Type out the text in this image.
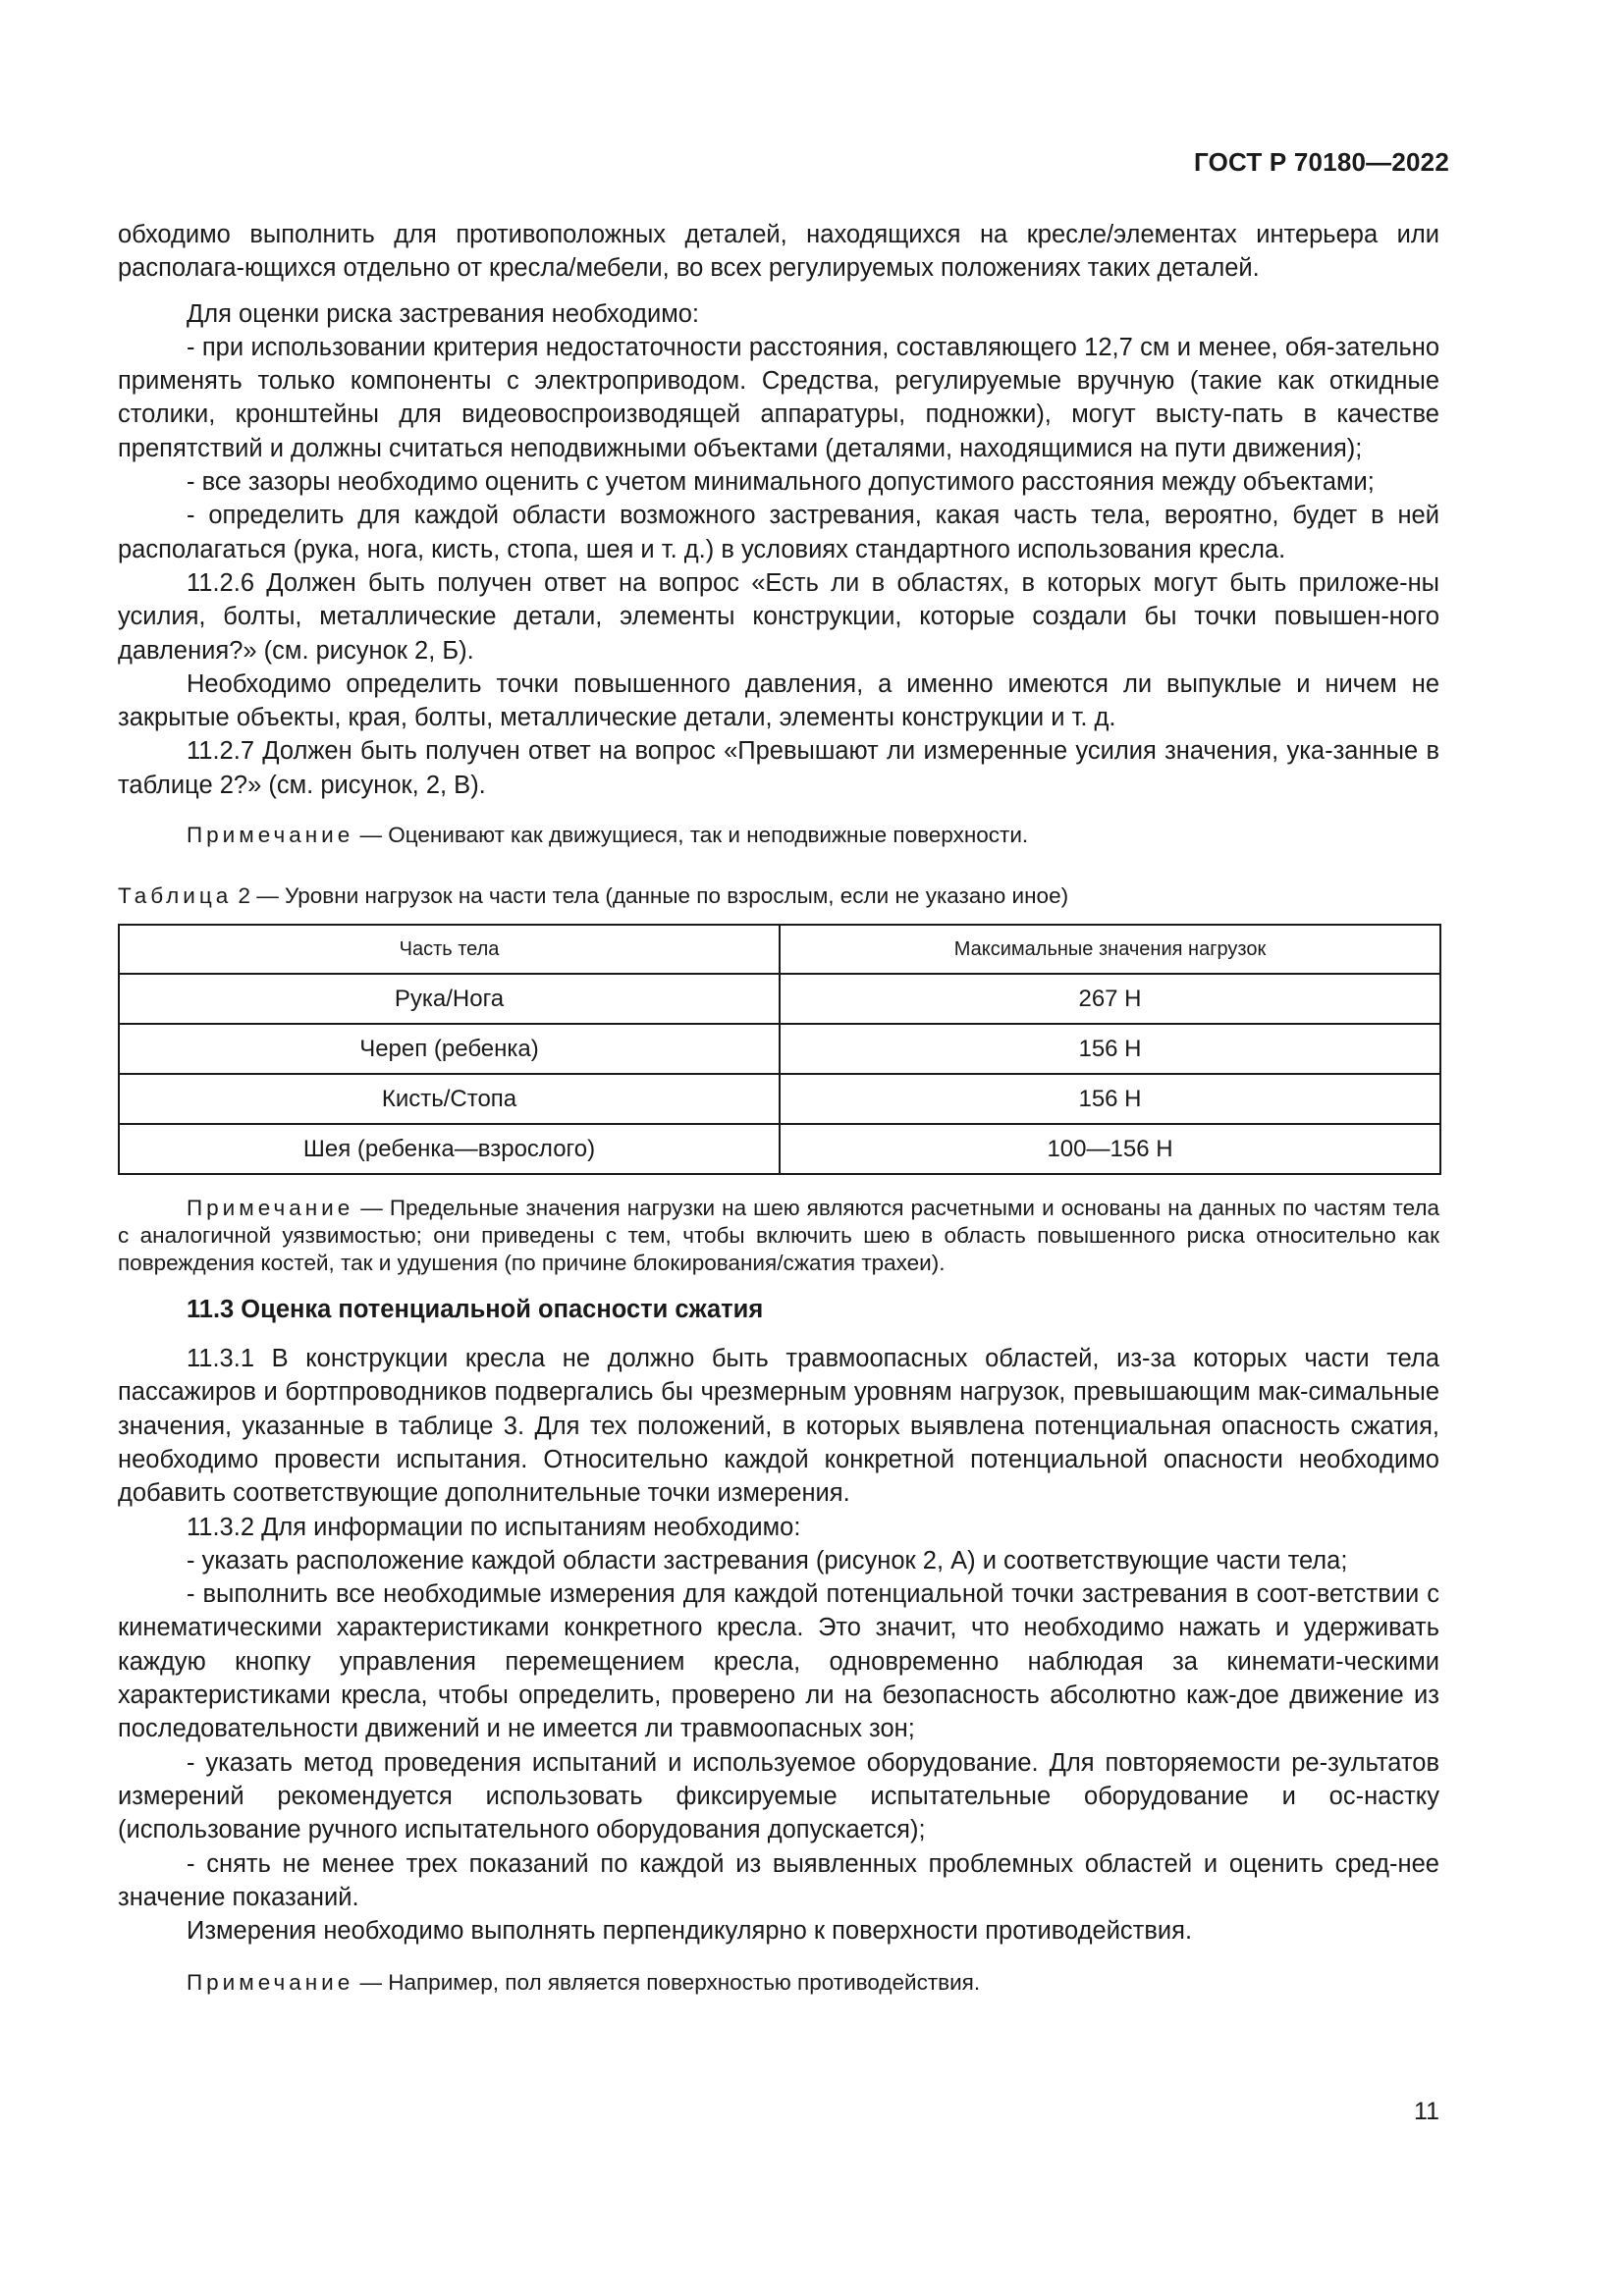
ГОСТ Р 70180—2022

обходимо выполнить для противоположных деталей, находящихся на кресле/элементах интерьера или располага-ющихся отдельно от кресла/мебели, во всех регулируемых положениях таких деталей.

Для оценки риска застревания необходимо:

- при использовании критерия недостаточности расстояния, составляющего 12,7 см и менее, обя-зательно применять только компоненты с электроприводом. Средства, регулируемые вручную (такие как откидные столики, кронштейны для видеовоспроизводящей аппаратуры, подножки), могут высту-пать в качестве препятствий и должны считаться неподвижными объектами (деталями, находящимися на пути движения);

- все зазоры необходимо оценить с учетом минимального допустимого расстояния между объектами;

- определить для каждой области возможного застревания, какая часть тела, вероятно, будет в ней располагаться (рука, нога, кисть, стопа, шея и т. д.) в условиях стандартного использования кресла.

11.2.6 Должен быть получен ответ на вопрос «Есть ли в областях, в которых могут быть приложе-ны усилия, болты, металлические детали, элементы конструкции, которые создали бы точки повышен-ного давления?» (см. рисунок 2, Б).

Необходимо определить точки повышенного давления, а именно имеются ли выпуклые и ничем не закрытые объекты, края, болты, металлические детали, элементы конструкции и т. д.

11.2.7 Должен быть получен ответ на вопрос «Превышают ли измеренные усилия значения, ука-занные в таблице 2?» (см. рисунок, 2, В).

Примечание — Оценивают как движущиеся, так и неподвижные поверхности.

Таблица 2 — Уровни нагрузок на части тела (данные по взрослым, если не указано иное)

Часть тела	Максимальные значения нагрузок
Рука/Нога	267 Н
Череп (ребенка)	156 Н
Кисть/Стопа	156 Н
Шея (ребенка—взрослого)	100—156 Н

Примечание — Предельные значения нагрузки на шею являются расчетными и основаны на данных по частям тела с аналогичной уязвимостью; они приведены с тем, чтобы включить шею в область повышенного риска относительно как повреждения костей, так и удушения (по причине блокирования/сжатия трахеи).

11.3 Оценка потенциальной опасности сжатия

11.3.1 В конструкции кресла не должно быть травмоопасных областей, из-за которых части тела пассажиров и бортпроводников подвергались бы чрезмерным уровням нагрузок, превышающим мак-симальные значения, указанные в таблице 3. Для тех положений, в которых выявлена потенциальная опасность сжатия, необходимо провести испытания. Относительно каждой конкретной потенциальной опасности необходимо добавить соответствующие дополнительные точки измерения.

11.3.2 Для информации по испытаниям необходимо:

- указать расположение каждой области застревания (рисунок 2, А) и соответствующие части тела;

- выполнить все необходимые измерения для каждой потенциальной точки застревания в соот-ветствии с кинематическими характеристиками конкретного кресла. Это значит, что необходимо нажать и удерживать каждую кнопку управления перемещением кресла, одновременно наблюдая за кинемати-ческими характеристиками кресла, чтобы определить, проверено ли на безопасность абсолютно каж-дое движение из последовательности движений и не имеется ли травмоопасных зон;

- указать метод проведения испытаний и используемое оборудование. Для повторяемости ре-зультатов измерений рекомендуется использовать фиксируемые испытательные оборудование и ос-настку (использование ручного испытательного оборудования допускается);

- снять не менее трех показаний по каждой из выявленных проблемных областей и оценить сред-нее значение показаний.

Измерения необходимо выполнять перпендикулярно к поверхности противодействия.

Примечание — Например, пол является поверхностью противодействия.

11
